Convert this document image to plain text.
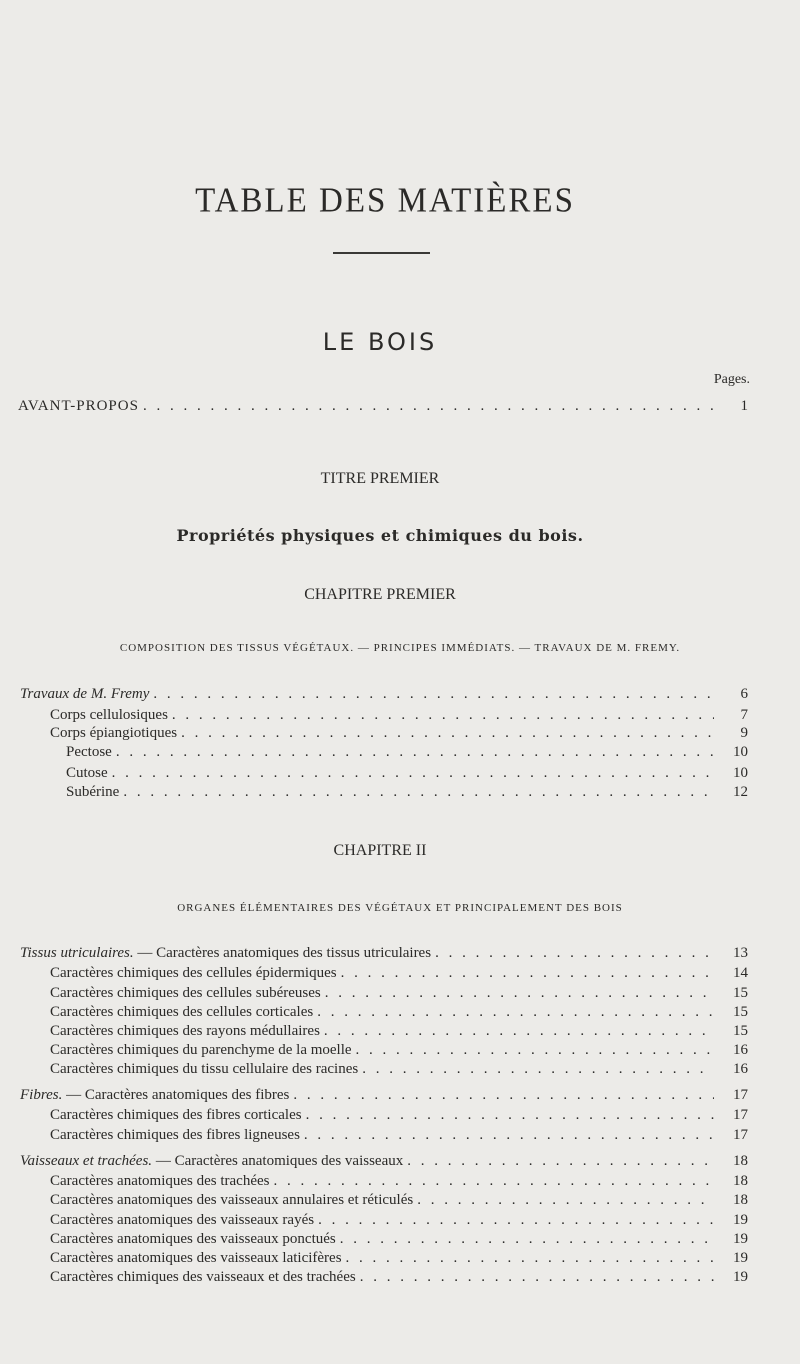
TABLE DES MATIÈRES
LE BOIS
Pages.
AVANT-PROPOS . . .	1
TITRE PREMIER
Propriétés physiques et chimiques du bois.
CHAPITRE PREMIER
COMPOSITION DES TISSUS VÉGÉTAUX. — PRINCIPES IMMÉDIATS. — TRAVAUX DE M. FREMY.
Travaux de M. Fremy . . .	6
Corps cellulosiques . . .	7
Corps épiangiotiques . . .	9
Pectose . . .	10
Cutose . . .	10
Subérine . . .	12
CHAPITRE II
ORGANES ÉLÉMENTAIRES DES VÉGÉTAUX ET PRINCIPALEMENT DES BOIS
Tissus utriculaires. — Caractères anatomiques des tissus utriculaires . . .	13
Caractères chimiques des cellules épidermiques . . .	14
Caractères chimiques des cellules subéreuses . . .	15
Caractères chimiques des cellules corticales . . .	15
Caractères chimiques des rayons médullaires . . .	15
Caractères chimiques du parenchyme de la moelle . . .	16
Caractères chimiques du tissu cellulaire des racines . . .	16
Fibres. — Caractères anatomiques des fibres . . .	17
Caractères chimiques des fibres corticales . . .	17
Caractères chimiques des fibres ligneuses . . .	17
Vaisseaux et trachées. — Caractères anatomiques des vaisseaux . . .	18
Caractères anatomiques des trachées . . .	18
Caractères anatomiques des vaisseaux annulaires et réticulés . . .	18
Caractères anatomiques des vaisseaux rayés . . .	19
Caractères anatomiques des vaisseaux ponctués . . .	19
Caractères anatomiques des vaisseaux laticifères . . .	19
Caractères chimiques des vaisseaux et des trachées . . .	19
